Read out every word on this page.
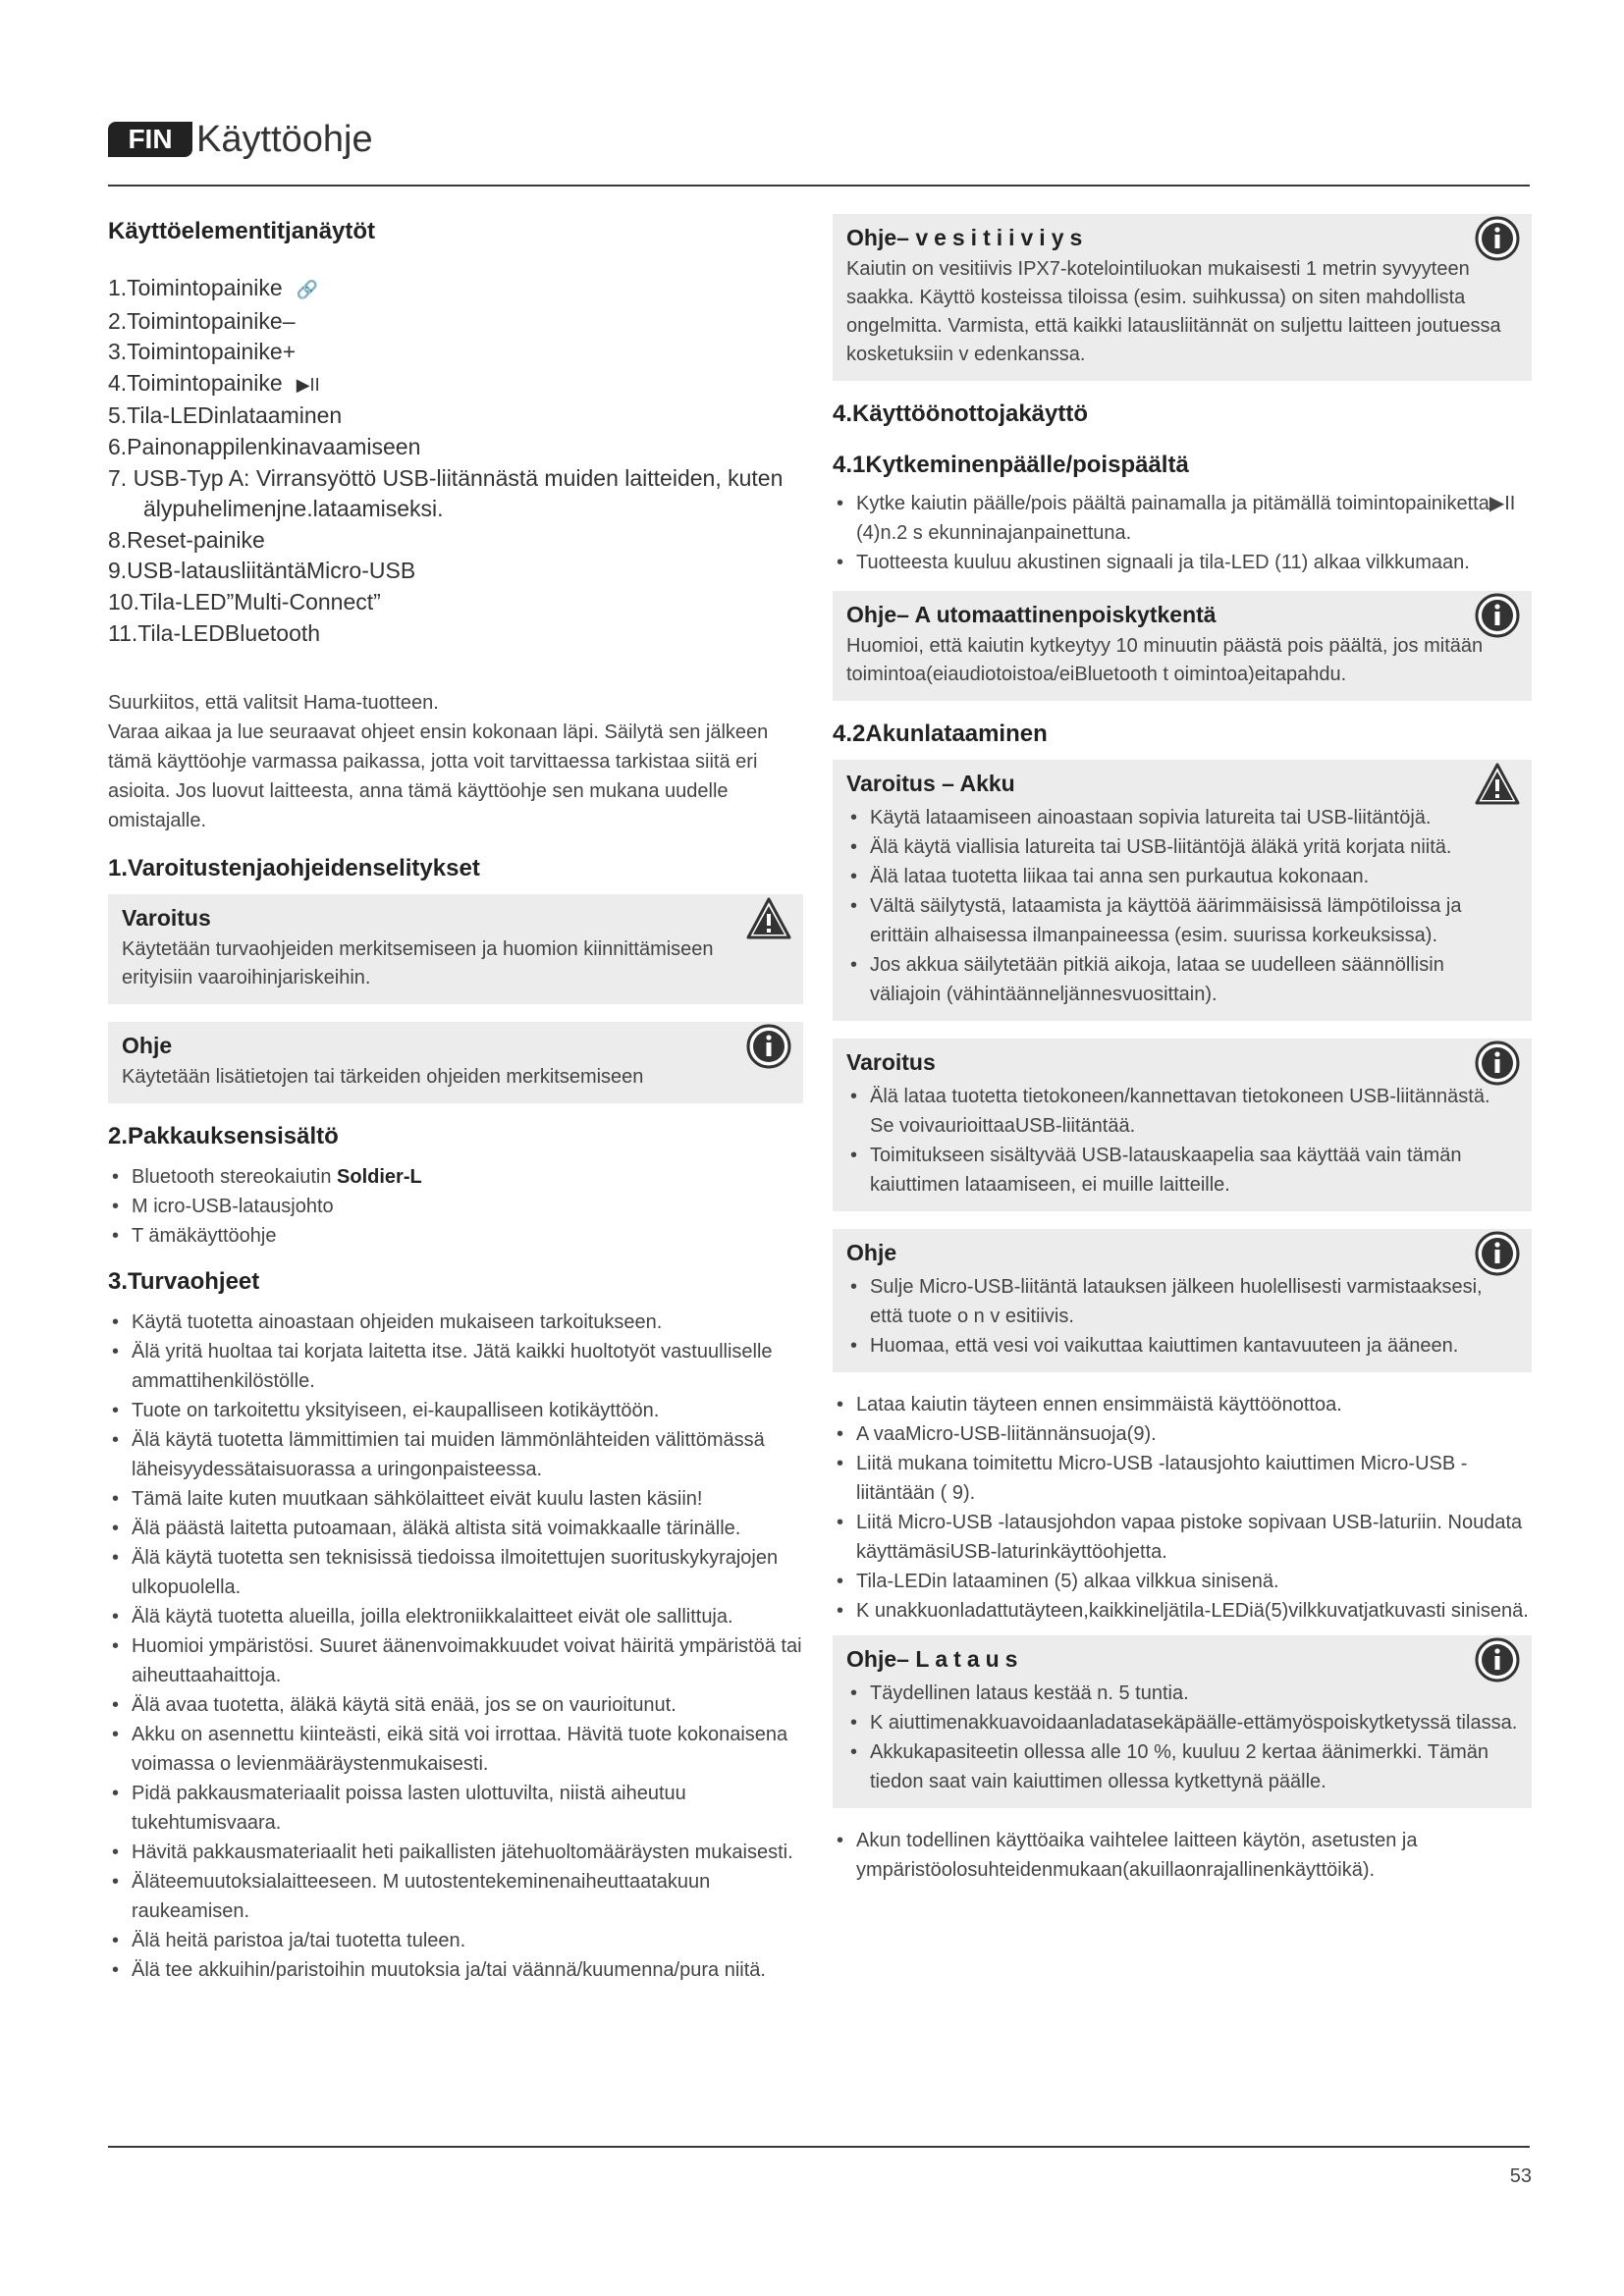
FIN Käyttöohje
Käyttöelementitjanäytöt
1.Toimintopainike 🔗
2.Toimintopainike–
3.Toimintopainike+
4.Toimintopainike ▶II
5.Tila-LEDinlataaminen
6.Painonappilenkinavaamiseen
7. USB-Typ A: Virransyöttö USB-liitännästä muiden laitteiden, kuten älypuhelimenjne.lataamiseksi.
8.Reset-painike
9.USB-latausliitäntäMicro-USB
10.Tila-LED”Multi-Connect”
11.Tila-LEDBluetooth

Suurkiitos, että valitsit Hama-tuotteen.

Varaa aikaa ja lue seuraavat ohjeet ensin kokonaan läpi. Säilytä sen jälkeen tämä käyttöohje varmassa paikassa, jotta voit tarvittaessa tarkistaa siitä eri asioita. Jos luovut laitteesta, anna tämä käyttöohje sen mukana uudelle omistajalle.

1.Varoitustenjaohjeidenselitykset
Varoitus
Käytetään turvaohjeiden merkitsemiseen ja huomion kiinnittämiseen erityisiin vaaroihinjariskeihin.
Ohje
Käytetään lisätietojen tai tärkeiden ohjeiden merkitsemiseen
2.Pakkauksensisältö
• Bluetooth stereokaiutin Soldier-L
• M icro-USB-latausjohto
• T ämäkäyttöohje
3.Turvaohjeet
• Käytä tuotetta ainoastaan ohjeiden mukaiseen tarkoitukseen.
• Älä yritä huoltaa tai korjata laitetta itse. Jätä kaikki huoltotyöt vastuulliselle ammattihenkilöstölle.
• Tuote on tarkoitettu yksityiseen, ei-kaupalliseen kotikäyttöön.
• Älä käytä tuotetta lämmittimien tai muiden lämmönlähteiden välittömässä läheisyydessätaisuorassa a uringonpaisteessa.
• Tämä laite kuten muutkaan sähkölaitteet eivät kuulu lasten käsiin!
• Älä päästä laitetta putoamaan, äläkä altista sitä voimakkaalle tärinälle.
• Älä käytä tuotetta sen teknisissä tiedoissa ilmoitettujen suorituskykyrajojen ulkopuolella.
• Älä käytä tuotetta alueilla, joilla elektroniikkalaitteet eivät ole sallittuja.
• Huomioi ympäristösi. Suuret äänenvoimakkuudet voivat häiritä ympäristöä tai aiheuttaahaittoja.
• Älä avaa tuotetta, äläkä käytä sitä enää, jos se on vaurioitunut.
• Akku on asennettu kiinteästi, eikä sitä voi irrottaa. Hävitä tuote kokonaisena voimassa o levienmääräystenmukaisesti.
• Pidä pakkausmateriaalit poissa lasten ulottuvilta, niistä aiheutuu tukehtumisvaara.
• Hävitä pakkausmateriaalit heti paikallisten jätehuoltomääräysten mukaisesti.
• Äläteemuutoksialaitteeseen. M uutostentekeminenaiheuttaatakuun raukeamisen.
• Älä heitä paristoa ja/tai tuotetta tuleen.
• Älä tee akkuihin/paristoihin muutoksia ja/tai väännä/kuumenna/pura niitä.
Ohje– vesitiiviys
Kaiutin on vesitiivis IPX7-kotelointiluokan mukaisesti 1 metrin syvyyteen saakka. Käyttö kosteissa tiloissa (esim. suihkussa) on siten mahdollista ongelmitta. Varmista, että kaikki latausliitännät on suljettu laitteen joutuessa kosketuksiin v edenkanssa.
4.Käyttöönottojakäyttö
4.1Kytkeminenpäälle/poispäältä
• Kytke kaiutin päälle/pois päältä painamalla ja pitämällä toimintopainiketta▶II (4)n.2 s ekunninajanpainettuna.
• Tuotteesta kuuluu akustinen signaali ja tila-LED (11) alkaa vilkkumaan.
Ohje– A utomaattinenpoiskytkentä
Huomioi, että kaiutin kytkeytyy 10 minuutin päästä pois päältä, jos mitään toimintoa(eiaudiotoistoa/eiBluetooth t oimintoa)eitapahdu.
4.2Akunlataaminen
Varoitus – Akku
• Käytä lataamiseen ainoastaan sopivia latureita tai USB-liitäntöjä.
• Älä käytä viallisia latureita tai USB-liitäntöjä äläkä yritä korjata niitä.
• Älä lataa tuotetta liikaa tai anna sen purkautua kokonaan.
• Vältä säilytystä, lataamista ja käyttöä äärimmäisissä lämpötiloissa ja erittäin alhaisessa ilmanpaineessa (esim. suurissa korkeuksissa).
• Jos akkua säilytetään pitkiä aikoja, lataa se uudelleen säännöllisin väliajoin (vähintäänneljännesvuosittain).
Varoitus
• Älä lataa tuotetta tietokoneen/kannettavan tietokoneen USB-liitännästä. Se voivaurioittaaUSB-liitäntää.
• Toimitukseen sisältyvää USB-latauskaapelia saa käyttää vain tämän kaiuttimen lataamiseen, ei muille laitteille.
Ohje
• Sulje Micro-USB-liitäntä latauksen jälkeen huolellisesti varmistaaksesi, että tuote o n v esitiivis.
• Huomaa, että vesi voi vaikuttaa kaiuttimen kantavuuteen ja ääneen.
• Lataa kaiutin täyteen ennen ensimmäistä käyttöönottoa.
• A vaaMicro-USB-liitännänsuoja(9).
• Liitä mukana toimitettu Micro-USB -latausjohto kaiuttimen Micro-USB -liitäntään ( 9).
• Liitä Micro-USB -latausjohdon vapaa pistoke sopivaan USB-laturiin. Noudata käyttämäsiUSB-laturinkäyttöohjetta.
• Tila-LEDin lataaminen (5) alkaa vilkkua sinisenä.
• K unakkuonladattutäyteen,kaikkineljätila-LEDiä(5)vilkkuvatjatkuvasti sinisenä.
Ohje– Lataus
• Täydellinen lataus kestää n. 5 tuntia.
• K aiuttimenakkuavoidaanladatasekäpäälle-ettämyöspoiskytketyssä tilassa.
• Akkukapasiteetin ollessa alle 10 %, kuuluu 2 kertaa äänimerkki. Tämän tiedon saat vain kaiuttimen ollessa kytkettynä päälle.
• Akun todellinen käyttöaika vaihtelee laitteen käytön, asetusten ja ympäristöolosuhteidenmukaan(akuillaonrajallinenkäyttöikä).
53
